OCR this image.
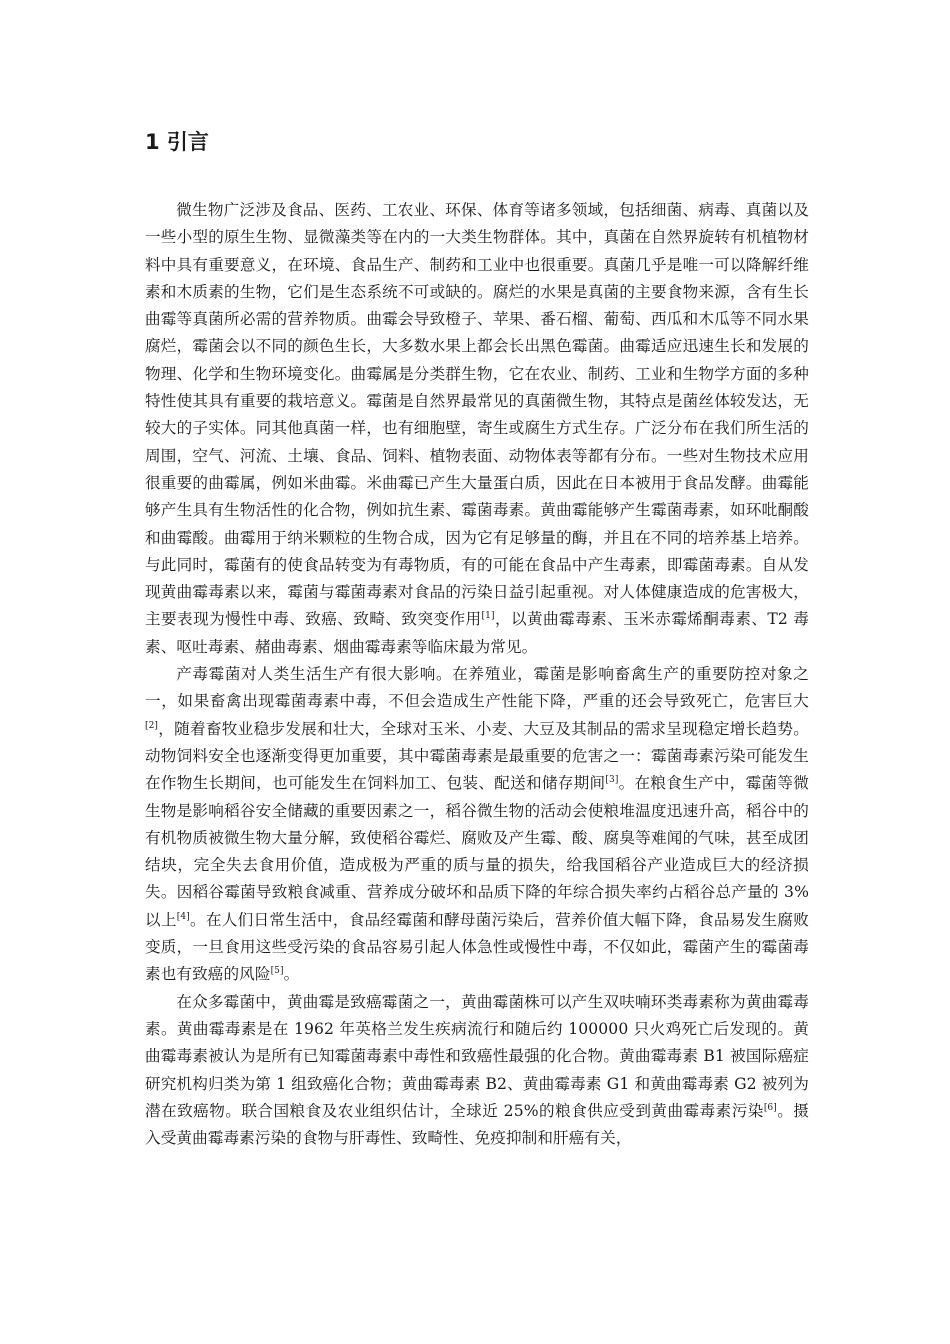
1 引言

微生物广泛涉及食品、医药、工农业、环保、体育等诸多领域，包括细菌、病毒、真菌以及一些小型的原生生物、显微藻类等在内的一大类生物群体。其中，真菌在自然界旋转有机植物材料中具有重要意义，在环境、食品生产、制药和工业中也很重要。真菌几乎是唯一可以降解纤维素和木质素的生物，它们是生态系统不可或缺的。腐烂的水果是真菌的主要食物来源，含有生长曲霉等真菌所必需的营养物质。曲霉会导致橙子、苹果、番石榴、葡萄、西瓜和木瓜等不同水果腐烂，霉菌会以不同的颜色生长，大多数水果上都会长出黑色霉菌。曲霉适应迅速生长和发展的物理、化学和生物环境变化。曲霉属是分类群生物，它在农业、制药、工业和生物学方面的多种特性使其具有重要的栽培意义。霉菌是自然界最常见的真菌微生物，其特点是菌丝体较发达，无较大的子实体。同其他真菌一样，也有细胞壁，寄生或腐生方式生存。广泛分布在我们所生活的周围，空气、河流、土壤、食品、饲料、植物表面、动物体表等都有分布。一些对生物技术应用很重要的曲霉属，例如米曲霉。米曲霉已产生大量蛋白质，因此在日本被用于食品发酵。曲霉能够产生具有生物活性的化合物，例如抗生素、霉菌毒素。黄曲霉能够产生霉菌毒素，如环吡酮酸和曲霉酸。曲霉用于纳米颗粒的生物合成，因为它有足够量的酶，并且在不同的培养基上培养。与此同时，霉菌有的使食品转变为有毒物质，有的可能在食品中产生毒素，即霉菌毒素。自从发现黄曲霉毒素以来，霉菌与霉菌毒素对食品的污染日益引起重视。对人体健康造成的危害极大，主要表现为慢性中毒、致癌、致畸、致突变作用[1]，以黄曲霉毒素、玉米赤霉烯酮毒素、T2 毒素、呕吐毒素、赭曲毒素、烟曲霉毒素等临床最为常见。

产毒霉菌对人类生活生产有很大影响。在养殖业，霉菌是影响畜禽生产的重要防控对象之一，如果畜禽出现霉菌毒素中毒，不但会造成生产性能下降，严重的还会导致死亡，危害巨大[2]，随着畜牧业稳步发展和壮大，全球对玉米、小麦、大豆及其制品的需求呈现稳定增长趋势。动物饲料安全也逐渐变得更加重要，其中霉菌毒素是最重要的危害之一：霉菌毒素污染可能发生在作物生长期间，也可能发生在饲料加工、包装、配送和储存期间[3]。在粮食生产中，霉菌等微生物是影响稻谷安全储藏的重要因素之一，稻谷微生物的活动会使粮堆温度迅速升高，稻谷中的有机物质被微生物大量分解，致使稻谷霉烂、腐败及产生霉、酸、腐臭等难闻的气味，甚至成团结块，完全失去食用价值，造成极为严重的质与量的损失，给我国稻谷产业造成巨大的经济损失。因稻谷霉菌导致粮食减重、营养成分破坏和品质下降的年综合损失率约占稻谷总产量的 3%以上[4]。在人们日常生活中，食品经霉菌和酵母菌污染后，营养价值大幅下降，食品易发生腐败变质，一旦食用这些受污染的食品容易引起人体急性或慢性中毒，不仅如此，霉菌产生的霉菌毒素也有致癌的风险[5]。

在众多霉菌中，黄曲霉是致癌霉菌之一，黄曲霉菌株可以产生双呋喃环类毒素称为黄曲霉毒素。黄曲霉毒素是在 1962 年英格兰发生疾病流行和随后约 100000 只火鸡死亡后发现的。黄曲霉毒素被认为是所有已知霉菌毒素中毒性和致癌性最强的化合物。黄曲霉毒素 B1 被国际癌症研究机构归类为第 1 组致癌化合物；黄曲霉毒素 B2、黄曲霉毒素 G1 和黄曲霉毒素 G2 被列为潜在致癌物。联合国粮食及农业组织估计，全球近 25%的粮食供应受到黄曲霉毒素污染[6]。摄入受黄曲霉毒素污染的食物与肝毒性、致畸性、免疫抑制和肝癌有关，
